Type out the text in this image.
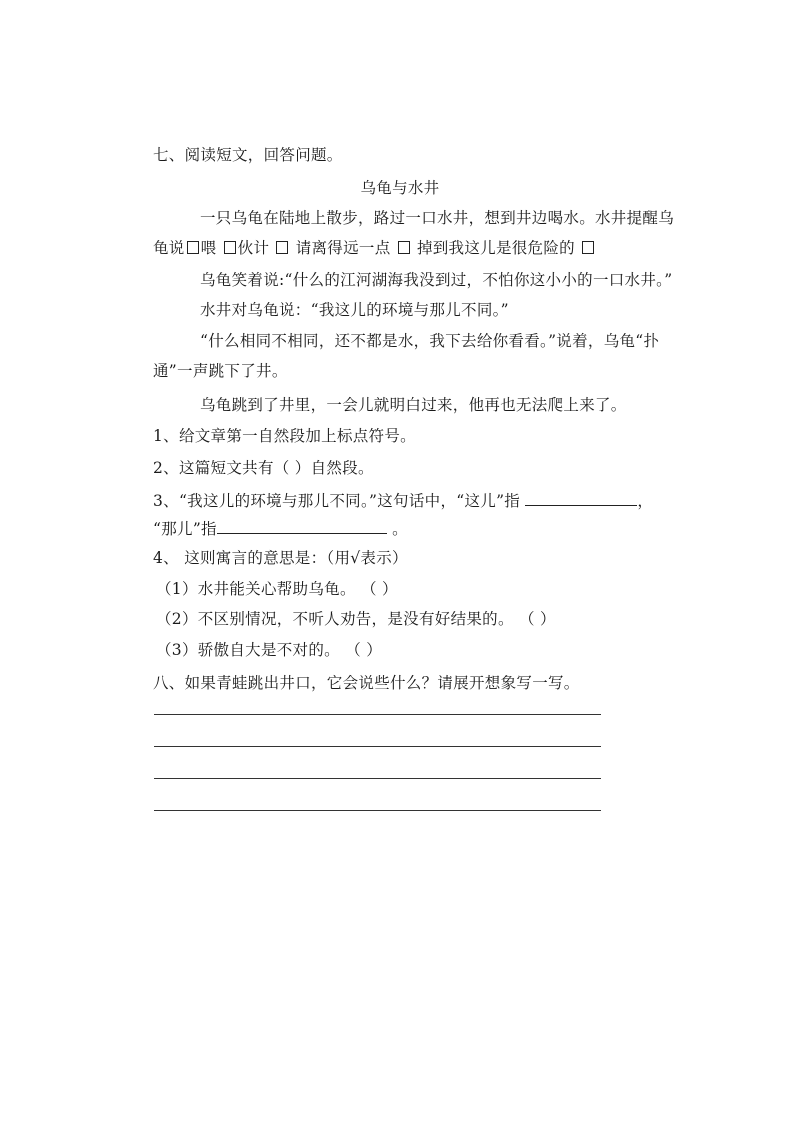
七、阅读短文，回答问题。
乌龟与水井
一只乌龟在陆地上散步，路过一口水井，想到井边喝水。水井提醒乌
龟说 喂 伙计  请离得远一点  掉到我这儿是很危险的
乌龟笑着说:“什么的江河湖海我没到过，不怕你这小小的一口水井。”
水井对乌龟说：“我这儿的环境与那儿不同。”
“什么相同不相同，还不都是水，我下去给你看看。”说着，乌龟“扑
通”一声跳下了井。
乌龟跳到了井里，一会儿就明白过来，他再也无法爬上来了。
1、给文章第一自然段加上标点符号。
2、这篇短文共有（ ）自然段。
3、“我这儿的环境与那儿不同。”这句话中，“这儿”指	，
“那儿”指	。
4、 这则寓言的意思是：（用√表示）
（1）水井能关心帮助乌龟。 （ ）
（2）不区别情况，不听人劝告，是没有好结果的。 （ ）
（3）骄傲自大是不对的。 （ ）
八、如果青蛙跳出井口，它会说些什么？请展开想象写一写。
